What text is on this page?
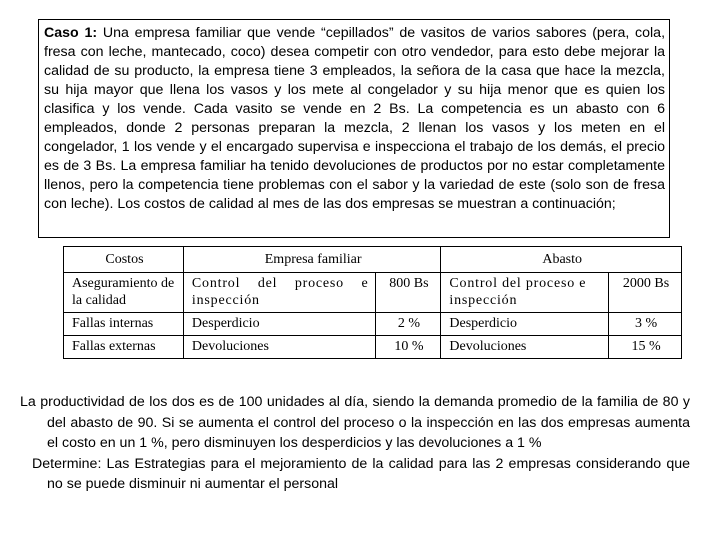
Caso 1: Una empresa familiar que vende “cepillados” de vasitos de varios sabores (pera, cola, fresa con leche, mantecado, coco) desea competir con otro vendedor, para esto debe mejorar la calidad de su producto, la empresa tiene 3 empleados, la señora de la casa que hace la mezcla, su hija mayor que llena los vasos y los mete al congelador y su hija menor que es quien los clasifica y los vende. Cada vasito se vende en 2 Bs. La competencia es un abasto con 6 empleados, donde 2 personas preparan la mezcla, 2 llenan los vasos y los meten en el congelador, 1 los vende y el encargado supervisa e inspecciona el trabajo de los demás, el precio es de 3 Bs. La empresa familiar ha tenido devoluciones de productos por no estar completamente llenos, pero la competencia tiene problemas con el sabor y la variedad de este (solo son de fresa con leche). Los costos de calidad al mes de las dos empresas se muestran a continuación;
Costos	Empresa familiar		Abasto	
Aseguramiento de la calidad	Control del proceso e inspección	800 Bs	Control del proceso e inspección	2000 Bs
Fallas internas	Desperdicio	2 %	Desperdicio	3 %
Fallas externas	Devoluciones	10 %	Devoluciones	15 %

La productividad de los dos es de 100 unidades al día, siendo la demanda promedio de la familia de 80 y del abasto de 90. Si se aumenta el control del proceso o la inspección en las dos empresas aumenta el costo en un 1 %, pero disminuyen los desperdicios y las devoluciones a 1 %

Determine: Las Estrategias para el mejoramiento de la calidad para las 2 empresas considerando que no se puede disminuir ni aumentar el personal
